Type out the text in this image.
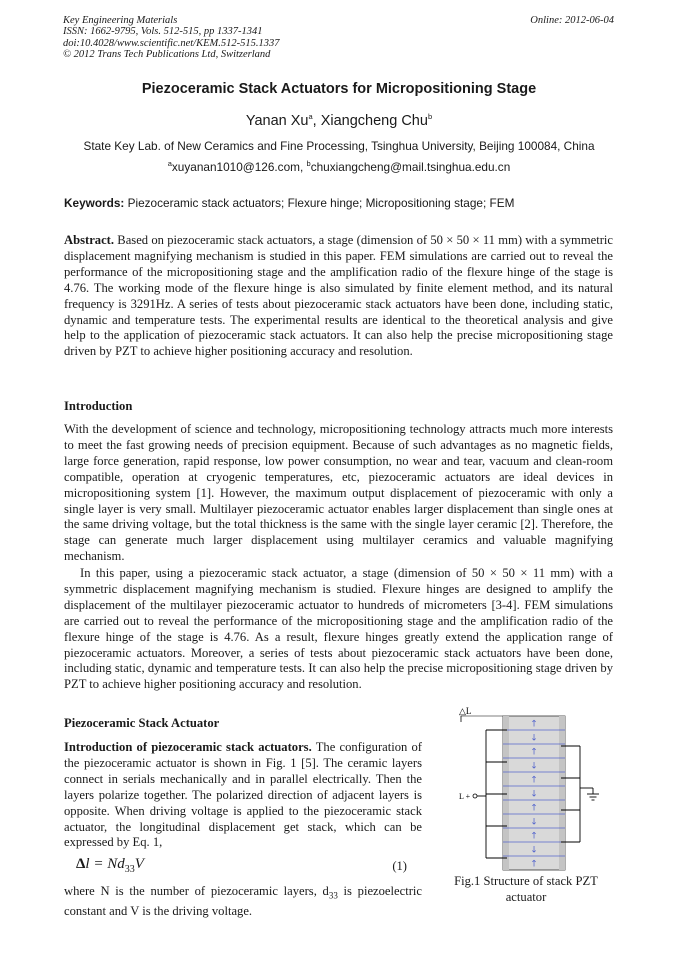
Key Engineering Materials
ISSN: 1662-9795, Vols. 512-515, pp 1337-1341
doi:10.4028/www.scientific.net/KEM.512-515.1337
© 2012 Trans Tech Publications Ltd, Switzerland
Online: 2012-06-04
Piezoceramic Stack Actuators for Micropositioning Stage
Yanan Xu$^a$, Xiangcheng Chu$^b$
State Key Lab. of New Ceramics and Fine Processing, Tsinghua University, Beijing 100084, China
$^a$xuyanan1010@126.com, $^b$chuxiangcheng@mail.tsinghua.edu.cn
Keywords: Piezoceramic stack actuators; Flexure hinge; Micropositioning stage; FEM
Abstract. Based on piezoceramic stack actuators, a stage (dimension of 50 × 50 × 11 mm) with a symmetric displacement magnifying mechanism is studied in this paper. FEM simulations are carried out to reveal the performance of the micropositioning stage and the amplification radio of the flexure hinge of the stage is 4.76. The working mode of the flexure hinge is also simulated by finite element method, and its natural frequency is 3291Hz. A series of tests about piezoceramic stack actuators have been done, including static, dynamic and temperature tests. The experimental results are identical to the theoretical analysis and give help to the application of piezoceramic stack actuators. It can also help the precise micropositioning stage driven by PZT to achieve higher positioning accuracy and resolution.
Introduction
With the development of science and technology, micropositioning technology attracts much more interests to meet the fast growing needs of precision equipment. Because of such advantages as no magnetic fields, large force generation, rapid response, low power consumption, no wear and tear, vacuum and clean-room compatible, operation at cryogenic temperatures, etc, piezoceramic actuators are ideal devices in micropositioning system [1]. However, the maximum output displacement of piezoceramic with only a single layer is very small. Multilayer piezoceramic actuator enables larger displacement than single ones at the same driving voltage, but the total thickness is the same with the single layer ceramic [2]. Therefore, the stage can generate much larger displacement using multilayer ceramics and valuable magnifying mechanism.
In this paper, using a piezoceramic stack actuator, a stage (dimension of 50 × 50 × 11 mm) with a symmetric displacement magnifying mechanism is studied. Flexure hinges are designed to amplify the displacement of the multilayer piezoceramic actuator to hundreds of micrometers [3-4]. FEM simulations are carried out to reveal the performance of the micropositioning stage and the amplification radio of the flexure hinge of the stage is 4.76. As a result, flexure hinges greatly extend the application range of piezoceramic actuators. Moreover, a series of tests about piezoceramic stack actuators have been done, including static, dynamic and temperature tests. It can also help the precise micropositioning stage driven by PZT to achieve higher positioning accuracy and resolution.
Piezoceramic Stack Actuator
Introduction of piezoceramic stack actuators. The configuration of the piezoceramic actuator is shown in Fig. 1 [5]. The ceramic layers connect in serials mechanically and in parallel electrically. Then the layers polarize together. The polarized direction of adjacent layers is opposite. When driving voltage is applied to the piezoceramic stack actuator, the longitudinal displacement get stack, which can be expressed by Eq. 1,
$\Delta l = Nd_{33}V$	(1)
where N is the number of piezoceramic layers, $d_{33}$ is piezoelectric constant and V is the driving voltage.
△L
↑
↓
↑
↓
↑
↓
↑
↓
↑
↓
↑
L +
Fig.1 Structure of stack PZT actuator
